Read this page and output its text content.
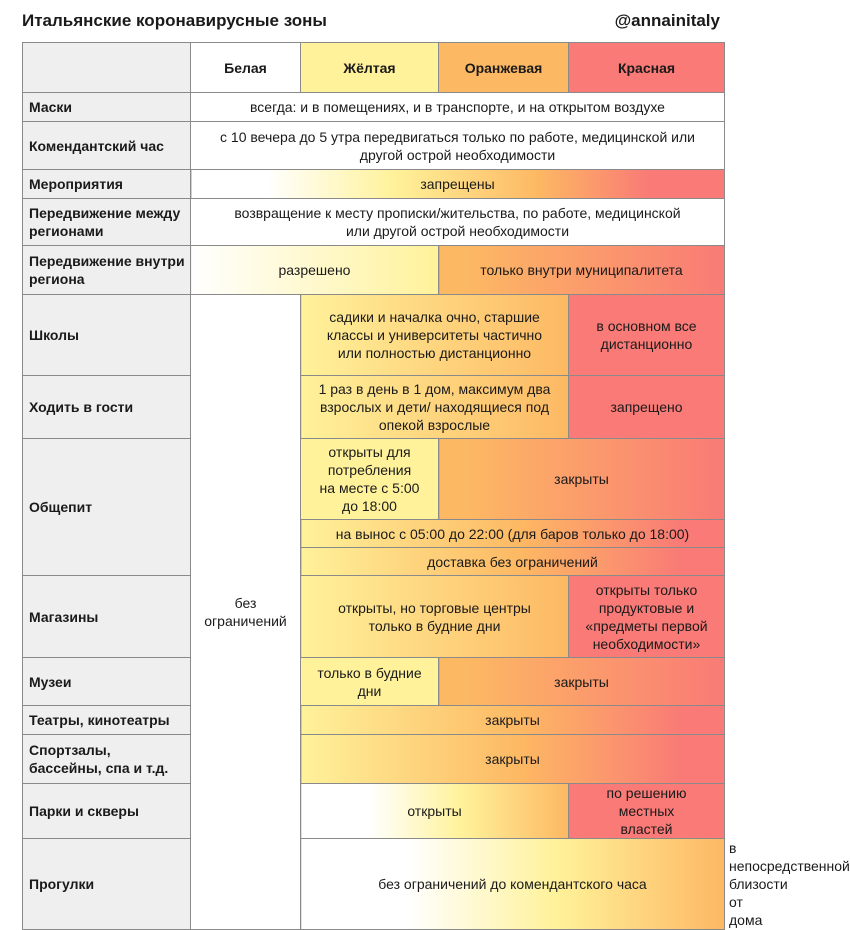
Итальянские коронавирусные зоны	@annainitaly
	Белая	Жёлтая	Оранжевая	Красная	
Маски	всегда: и в помещениях, и в транспорте, и на открытом воздухе				
Комендантский час	с 10 вечера до 5 утра передвигаться только по работе, медицинской или другой острой необходимости				
Мероприятия	запрещены				
Передвижение между регионами	возвращение к месту прописки/жительства, по работе, медицинской или другой острой необходимости				
Передвижение внутри региона	разрешено		только внутри муниципалитета		
Школы	без ограничений	садики и началка очно, старшие классы и университеты частично или полностью дистанционно		в основном все дистанционно	
Ходить в гости		1 раз в день в 1 дом, максимум два взрослых и дети/ находящиеся под опекой взрослые		запрещено	
Общепит		открыты для потребления на месте с 5:00 до 18:00	закрыты		
		на вынос с 05:00 до 22:00 (для баров только до 18:00)			
		доставка без ограничений			
Магазины		открыты, но торговые центры только в будние дни		открыты только продуктовые и «предметы первой необходимости»	
Музеи		только в будние дни	закрыты		
Театры, кинотеатры		закрыты			
Спортзалы, бассейны, спа и т.д.		закрыты			
Парки и скверы		открыты		по решению местных властей	
Прогулки		без ограничений до комендантского часа			в непосредственной близости от дома
